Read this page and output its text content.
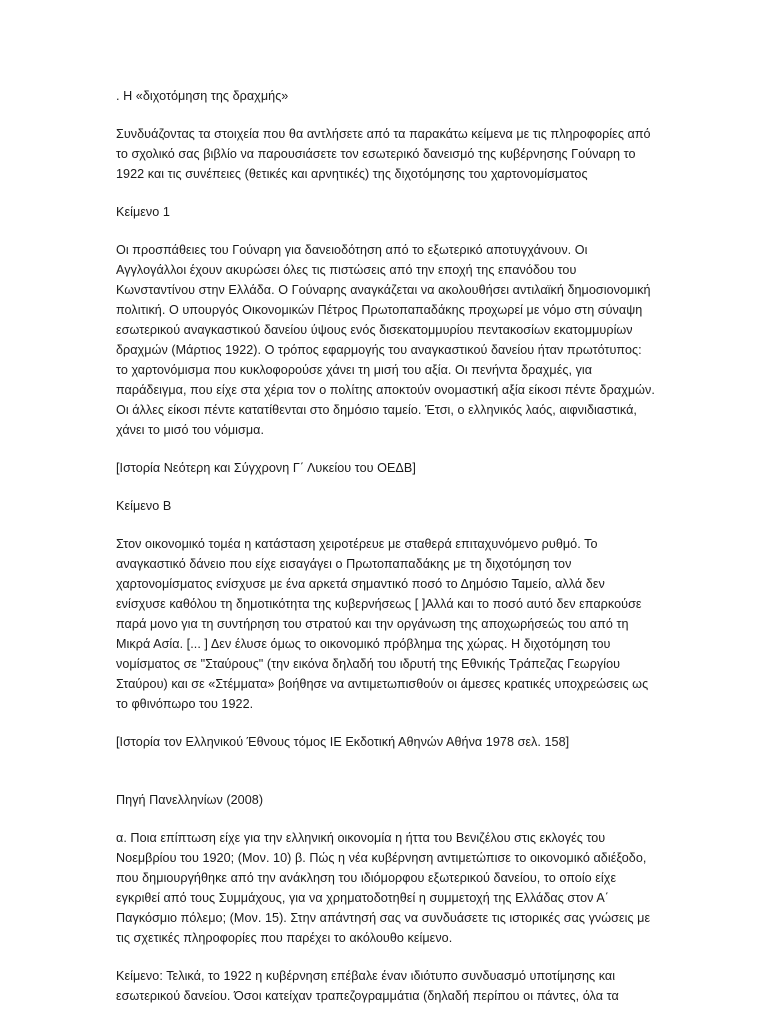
. Η «διχοτόμηση της δραχμής»

Συνδυάζοντας τα στοιχεία που θα αντλήσετε από τα παρακάτω κείμενα με τις πληροφορίες από το σχολικό σας βιβλίο να παρουσιάσετε τον εσωτερικό δανεισμό της κυβέρνησης Γούναρη το 1922 και τις συνέπειες (θετικές και αρνητικές) της διχοτόμησης του χαρτονομίσματος

Κείμενο 1

Οι προσπάθειες του Γούναρη για δανειοδότηση από το εξωτερικό αποτυγχάνουν. Οι Αγγλογάλλοι έχουν ακυρώσει όλες τις πιστώσεις από την εποχή της επανόδου του Κωνσταντίνου στην Ελλάδα. Ο Γούναρης αναγκάζεται να ακολουθήσει αντιλαϊκή δημοσιονομική πολιτική. Ο υπουργός Οικονομικών Πέτρος Πρωτοπαπαδάκης προχωρεί με νόμο στη σύναψη εσωτερικού αναγκαστικού δανείου ύψους ενός δισεκατομμυρίου πεντακοσίων εκατομμυρίων δραχμών (Μάρτιος 1922). Ο τρόπος εφαρμογής του αναγκαστικού δανείου ήταν πρωτότυπος: το χαρτονόμισμα που κυκλοφορούσε χάνει τη μισή του αξία. Οι πενήντα δραχμές, για παράδειγμα, που είχε στα χέρια τον ο πολίτης αποκτούν ονομαστική αξία είκοσι πέντε δραχμών. Οι άλλες είκοσι πέντε κατατίθενται στο δημόσιο ταμείο. Έτσι, ο ελληνικός λαός, αιφνιδιαστικά, χάνει το μισό του νόμισμα.

[Ιστορία Νεότερη και Σύγχρονη Γ΄ Λυκείου του ΟΕΔΒ]

Κείμενο Β

Στον οικονομικό τομέα η κατάσταση χειροτέρευε με σταθερά επιταχυνόμενο ρυθμό. Το αναγκαστικό δάνειο που είχε εισαγάγει ο Πρωτοπαπαδάκης με τη διχοτόμηση τον χαρτονομίσματος ενίσχυσε με ένα αρκετά σημαντικό ποσό το Δημόσιο Ταμείο, αλλά δεν ενίσχυσε καθόλου τη δημοτικότητα της κυβερνήσεως [ ]Αλλά και το ποσό αυτό δεν επαρκούσε παρά μονο για τη συντήρηση του στρατού και την οργάνωση της αποχωρήσεώς του από τη Μικρά Ασία. [... ] Δεν έλυσε όμως το οικονομικό πρόβλημα της χώρας. Η διχοτόμηση του νομίσματος σε "Σταύρους" (την εικόνα δηλαδή του ιδρυτή της Εθνικής Τράπεζας Γεωργίου Σταύρου) και σε «Στέμματα» βοήθησε να αντιμετωπισθούν οι άμεσες κρατικές υποχρεώσεις ως το φθινόπωρο του 1922.

[Ιστορία τον Ελληνικού Έθνους τόμος ΙΕ Εκδοτική Αθηνών Αθήνα 1978 σελ. 158]

Πηγή Πανελληνίων (2008)

α. Ποια επίπτωση είχε για την ελληνική οικονομία η ήττα του Βενιζέλου στις εκλογές του Νοεμβρίου του 1920; (Μον. 10) β. Πώς η νέα κυβέρνηση αντιμετώπισε το οικονομικό αδιέξοδο, που δημιουργήθηκε από την ανάκληση του ιδιόμορφου εξωτερικού δανείου, το οποίο είχε εγκριθεί από τους Συμμάχους, για να χρηματοδοτηθεί η συμμετοχή της Ελλάδας στον Α΄ Παγκόσμιο πόλεμο; (Μον. 15). Στην απάντησή σας να συνδυάσετε τις ιστορικές σας γνώσεις με τις σχετικές πληροφορίες που παρέχει το ακόλουθο κείμενο.

Κείμενο: Τελικά, το 1922 η κυβέρνηση επέβαλε έναν ιδιότυπο συνδυασμό υποτίμησης και εσωτερικού δανείου. Όσοι κατείχαν τραπεζογραμμάτια (δηλαδή περίπου οι πάντες, όλα τα
